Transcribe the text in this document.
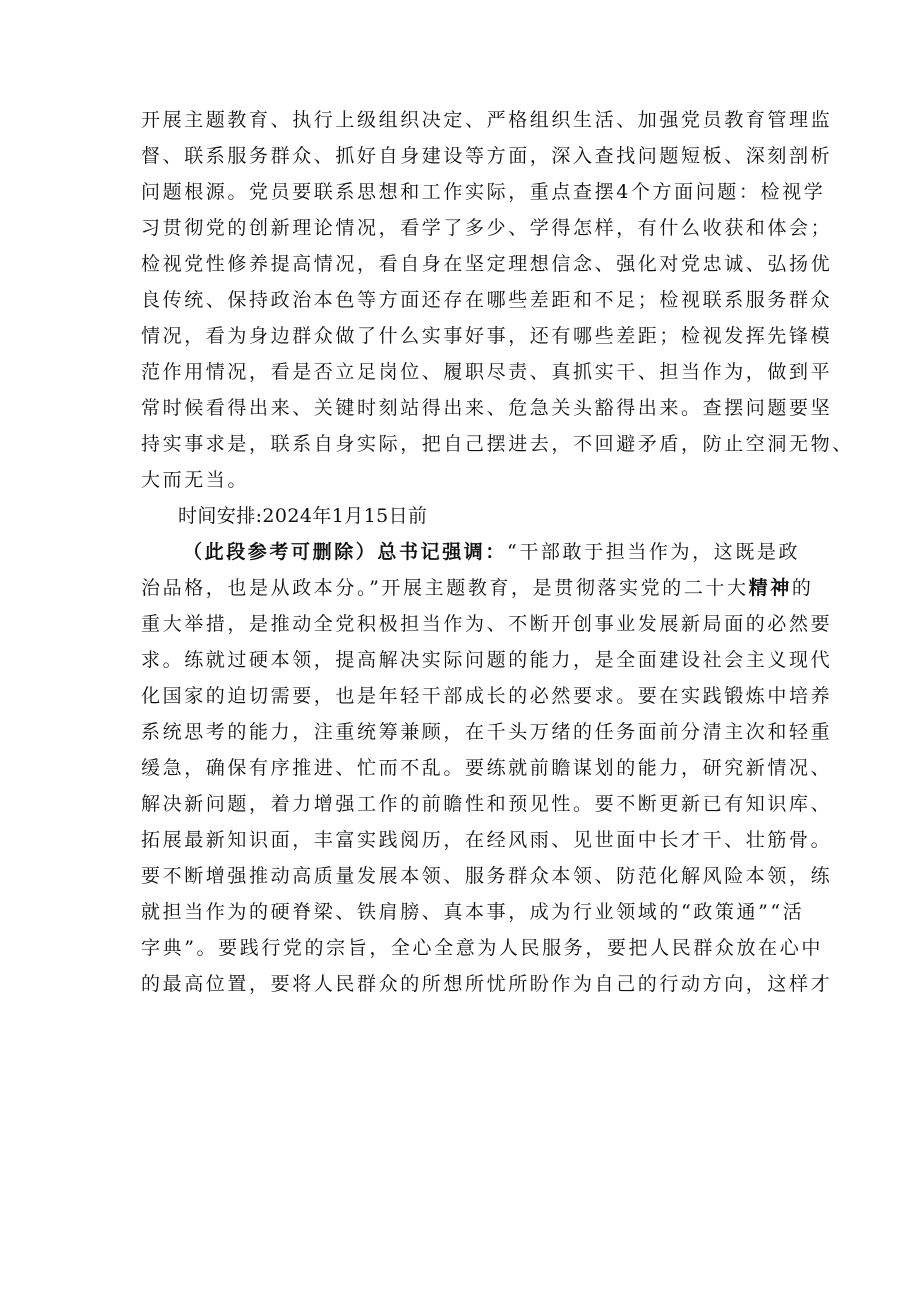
开展主题教育、执行上级组织决定、严格组织生活、加强党员教育管理监
督、联系服务群众、抓好自身建设等方面，深入查找问题短板、深刻剖析
问题根源。党员要联系思想和工作实际，重点查摆4个方面问题：检视学
习贯彻党的创新理论情况，看学了多少、学得怎样，有什么收获和体会；
检视党性修养提高情况，看自身在坚定理想信念、强化对党忠诚、弘扬优
良传统、保持政治本色等方面还存在哪些差距和不足；检视联系服务群众
情况，看为身边群众做了什么实事好事，还有哪些差距；检视发挥先锋模
范作用情况，看是否立足岗位、履职尽责、真抓实干、担当作为，做到平
常时候看得出来、关键时刻站得出来、危急关头豁得出来。查摆问题要坚
持实事求是，联系自身实际，把自己摆进去，不回避矛盾，防止空洞无物、
大而无当。
时间安排:2024年1月15日前
（此段参考可删除）总书记强调：“干部敢于担当作为，这既是政
治品格，也是从政本分。”开展主题教育，是贯彻落实党的二十大精神的
重大举措，是推动全党积极担当作为、不断开创事业发展新局面的必然要
求。练就过硬本领，提高解决实际问题的能力，是全面建设社会主义现代
化国家的迫切需要，也是年轻干部成长的必然要求。要在实践锻炼中培养
系统思考的能力，注重统筹兼顾，在千头万绪的任务面前分清主次和轻重
缓急，确保有序推进、忙而不乱。要练就前瞻谋划的能力，研究新情况、
解决新问题，着力增强工作的前瞻性和预见性。要不断更新已有知识库、
拓展最新知识面，丰富实践阅历，在经风雨、见世面中长才干、壮筋骨。
要不断增强推动高质量发展本领、服务群众本领、防范化解风险本领，练
就担当作为的硬脊梁、铁肩膀、真本事，成为行业领域的“政策通”“活
字典”。要践行党的宗旨，全心全意为人民服务，要把人民群众放在心中
的最高位置，要将人民群众的所想所忧所盼作为自己的行动方向，这样才
